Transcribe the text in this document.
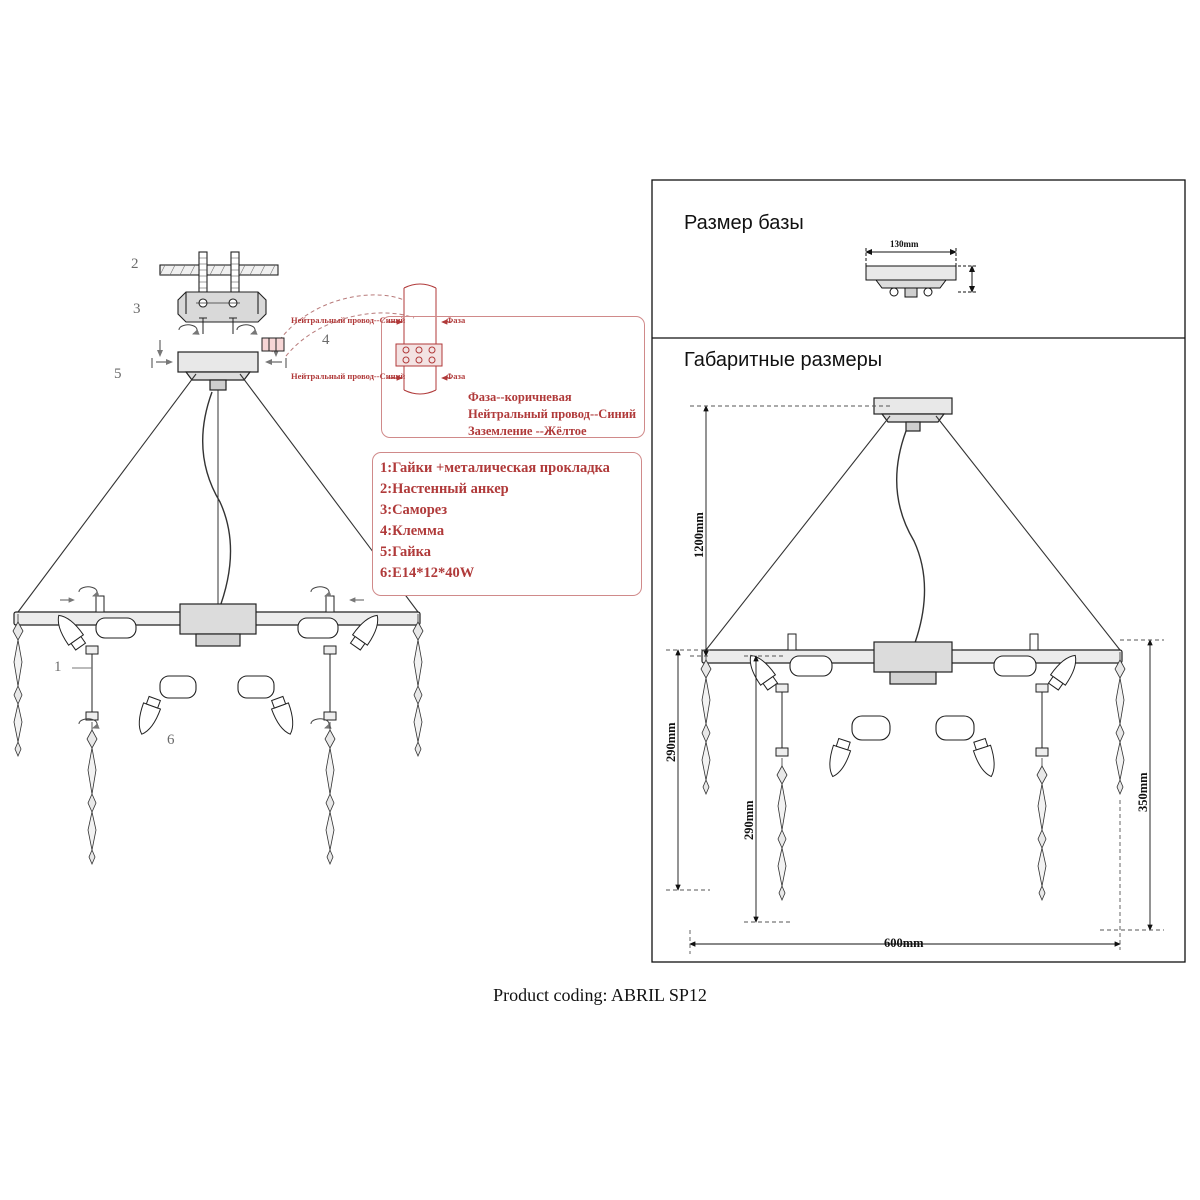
2
3
4
5
1
6
Нейтральный провод--Синий	Фаза
Нейтральный провод--Синий	Фаза
Фаза--коричневая
Нейтральный провод--Синий
Заземление --Жёлтое
1:Гайки +металическая прокладка
2:Настенный анкер
3:Саморез
4:Клемма
5:Гайка
6:E14*12*40W
Размер базы
Габаритные размеры
130mm
1200mm
290mm
290mm
350mm
600mm
Product coding: ABRIL SP12
